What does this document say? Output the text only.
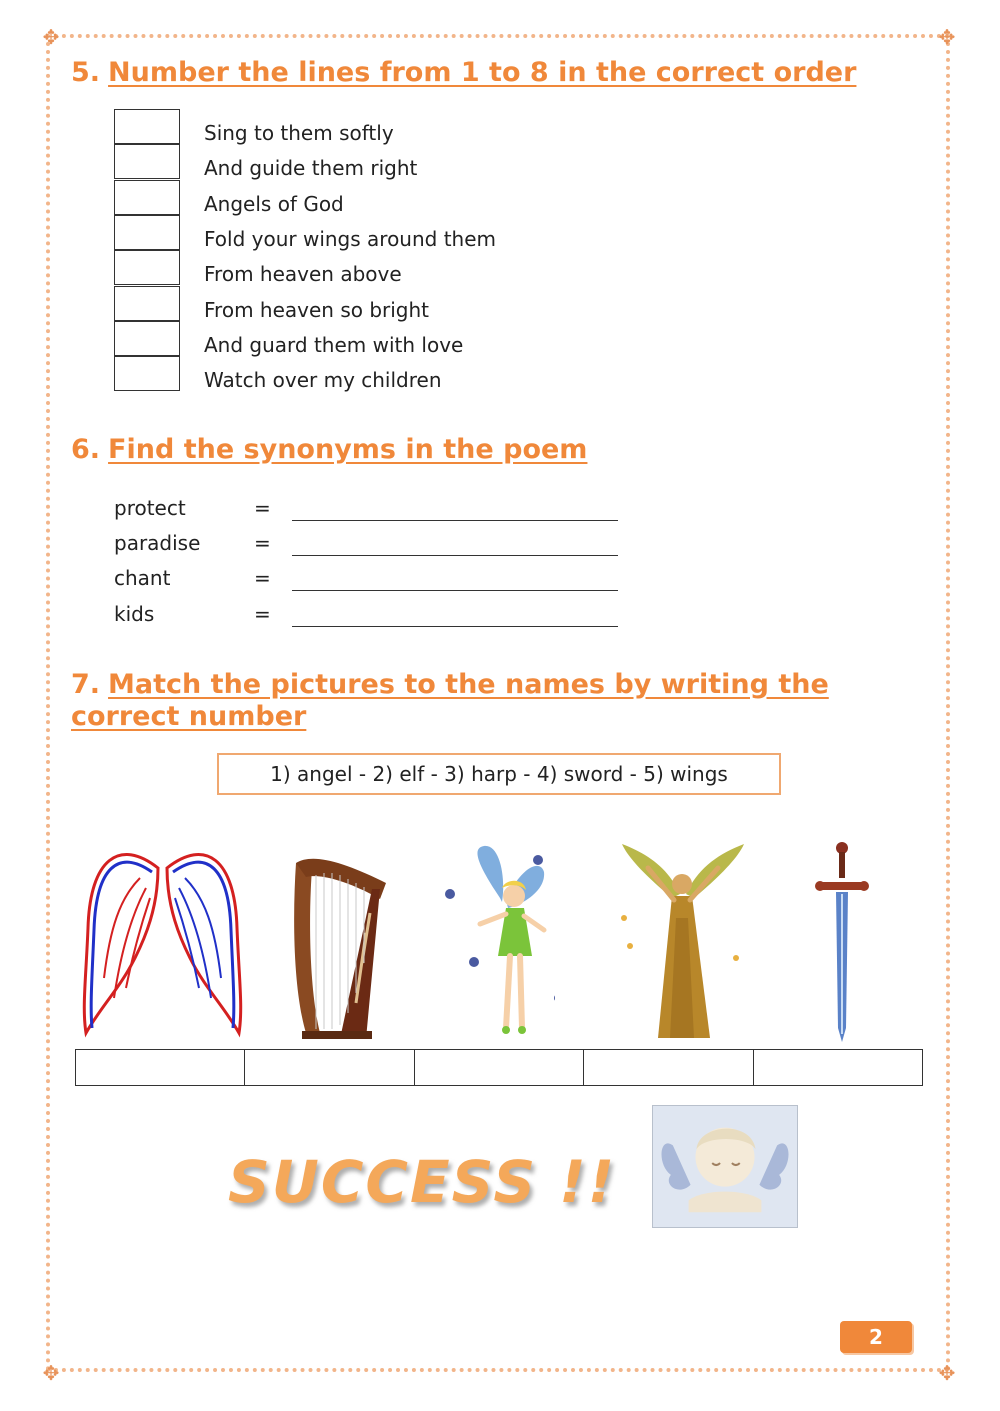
✥	✥
✥	✥
5. Number the lines from 1 to 8 in the correct order
Sing to them softly
And guide them right
Angels of God
Fold your wings around them
From heaven above
From heaven so bright
And guard them with love
Watch over my children
6. Find the synonyms in the poem
protect	=
paradise	=
chant	=
kids	=
7. Match the pictures to the names by writing the
correct number
1) angel - 2) elf - 3) harp - 4) sword - 5) wings

SUCCESS !!
2
